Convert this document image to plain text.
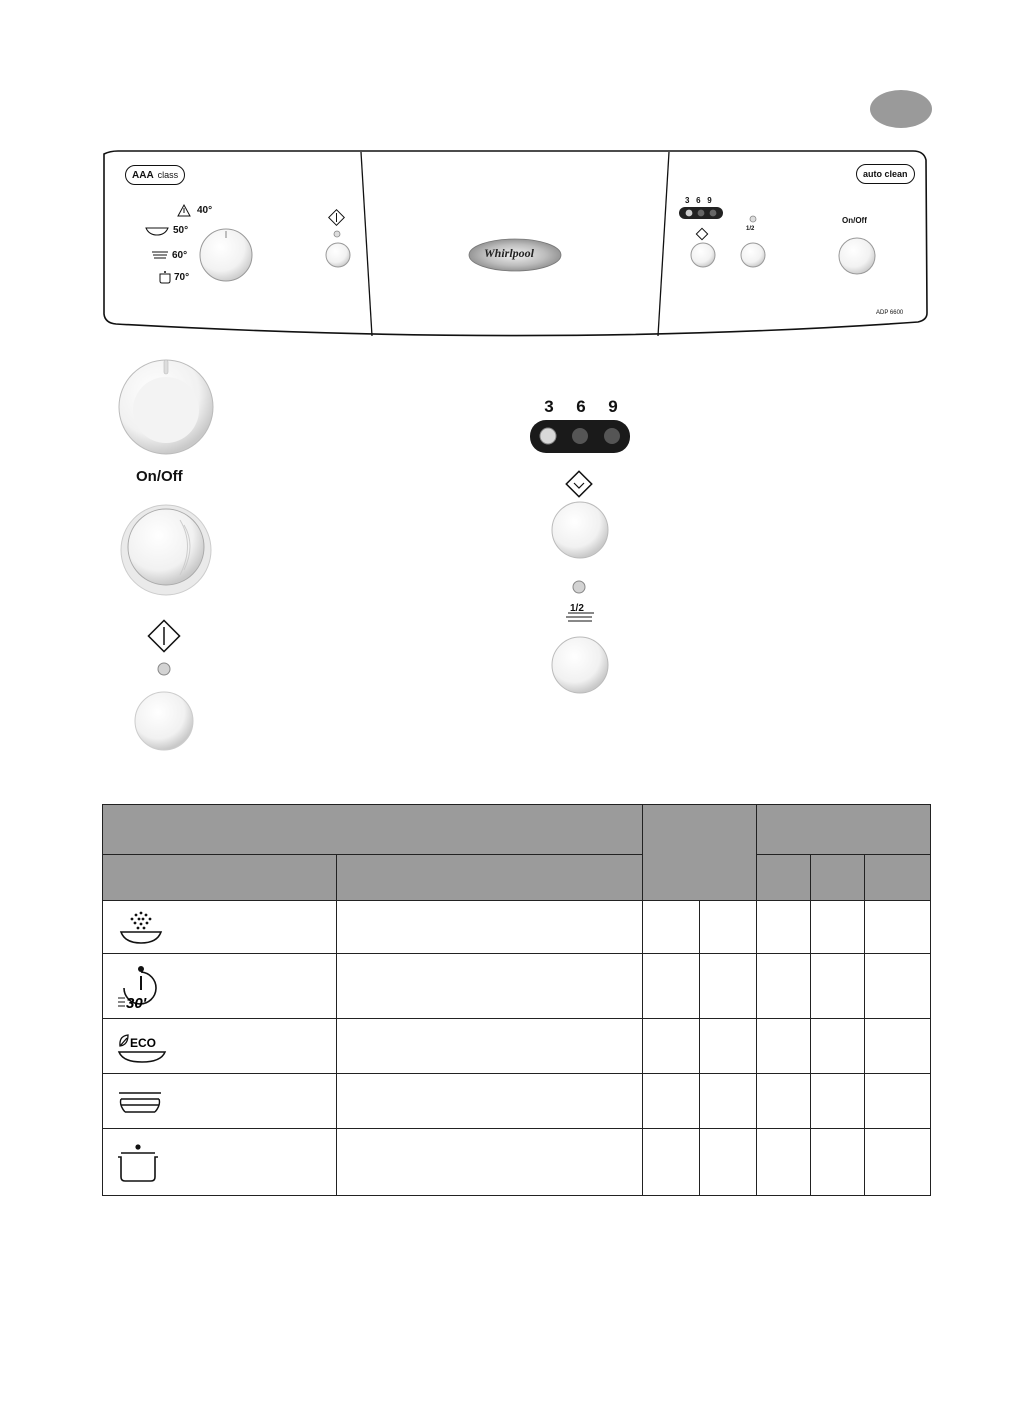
AAA class	auto clean
Whirlpool
ADP 6600
On/Off
1/2
3 6 9
40°
50°
60°
70°
On/Off
3	6	9
1/2

30'						

ECO						
